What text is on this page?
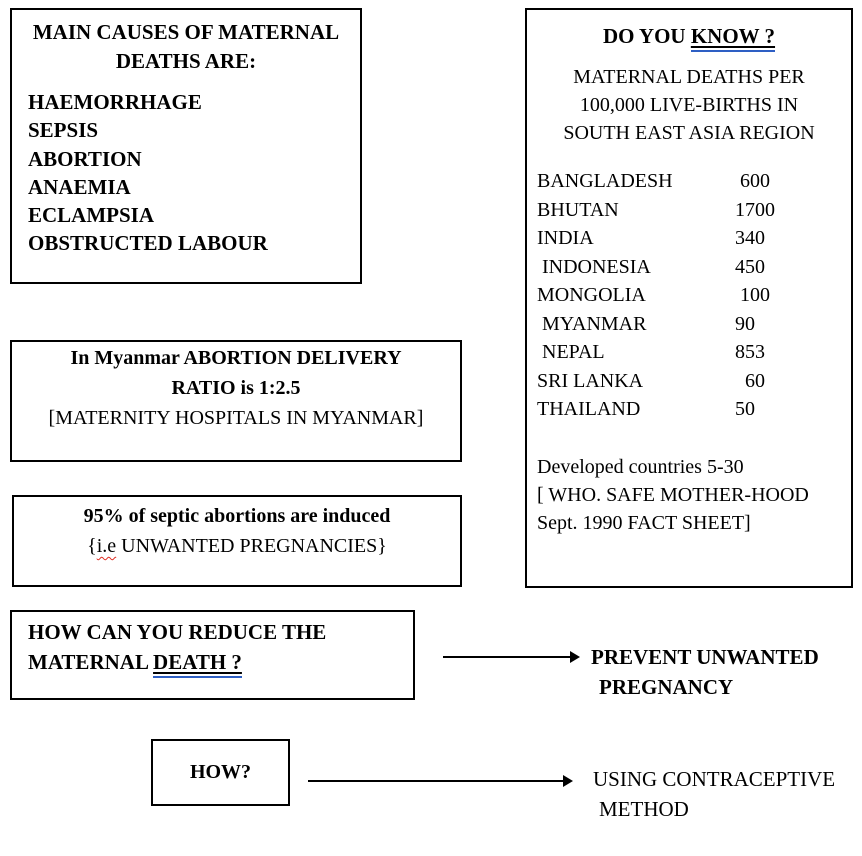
MAIN CAUSES OF MATERNAL
DEATHS ARE:
HAEMORRHAGE
SEPSIS
ABORTION
ANAEMIA
ECLAMPSIA
OBSTRUCTED LABOUR
DO YOU KNOW ?
MATERNAL DEATHS PER
100,000 LIVE-BIRTHS IN
SOUTH EAST ASIA REGION
BANGLADESH	600
BHUTAN	1700
INDIA	340
INDONESIA	450
MONGOLIA	100
MYANMAR	90
NEPAL	853
SRI LANKA	60
THAILAND	50
Developed countries 5-30
[ WHO. SAFE MOTHER-HOOD
Sept. 1990 FACT SHEET]
In Myanmar ABORTION DELIVERY
RATIO is 1:2.5
[MATERNITY HOSPITALS IN MYANMAR]
95% of septic abortions are induced
{i.e UNWANTED PREGNANCIES}
HOW CAN YOU REDUCE THE
MATERNAL DEATH ?	PREVENT UNWANTED
PREGNANCY
HOW?	USING CONTRACEPTIVE
METHOD
